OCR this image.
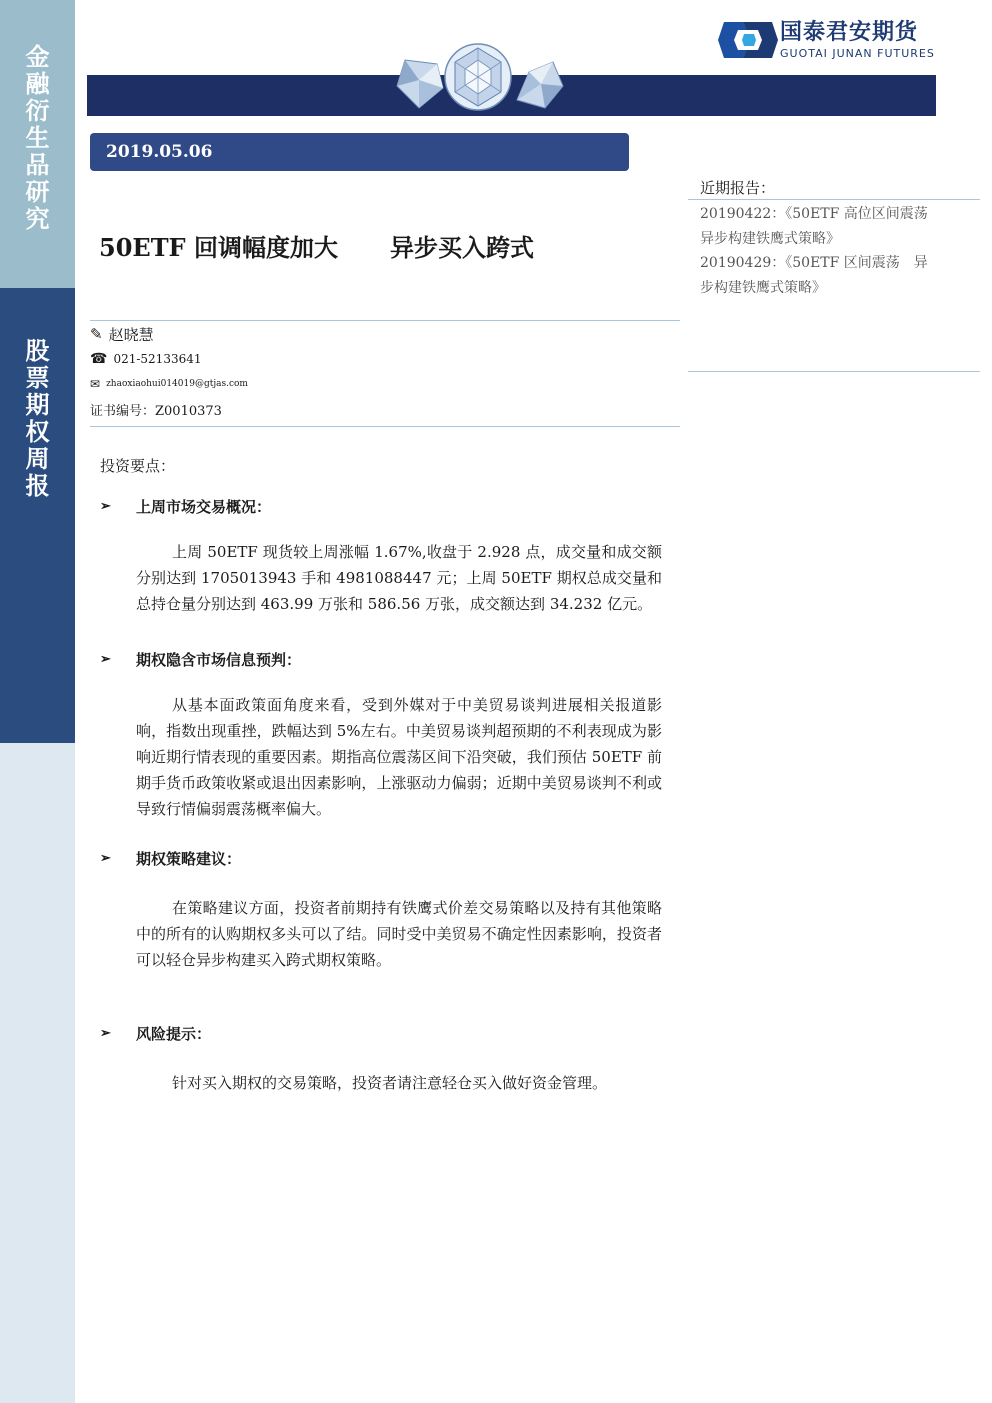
金
融
衍
生
品
研
究
股
票
期
权
周
报
国泰君安期货
GUOTAI JUNAN FUTURES
2019.05.06
50ETF 回调幅度加大 异步买入跨式
✎ 赵晓慧
☎ 021-52133641
✉ zhaoxiaohui014019@gtjas.com
证书编号：Z0010373
近期报告：
20190422：《50ETF 高位区间震荡　异步构建铁鹰式策略》
20190429：《50ETF 区间震荡　异步构建铁鹰式策略》
投资要点：
➢	上周市场交易概况：

上周 50ETF 现货较上周涨幅 1.67%,收盘于 2.928 点，成交量和成交额分别达到 1705013943 手和 4981088447 元；上周 50ETF 期权总成交量和总持仓量分别达到 463.99 万张和 586.56 万张，成交额达到 34.232 亿元。

➢	期权隐含市场信息预判：

从基本面政策面角度来看，受到外媒对于中美贸易谈判进展相关报道影响，指数出现重挫，跌幅达到 5%左右。中美贸易谈判超预期的不利表现成为影响近期行情表现的重要因素。期指高位震荡区间下沿突破，我们预估 50ETF 前期手货币政策收紧或退出因素影响，上涨驱动力偏弱；近期中美贸易谈判不利或导致行情偏弱震荡概率偏大。

➢	期权策略建议：

在策略建议方面，投资者前期持有铁鹰式价差交易策略以及持有其他策略中的所有的认购期权多头可以了结。同时受中美贸易不确定性因素影响，投资者可以轻仓异步构建买入跨式期权策略。

➢	风险提示：

针对买入期权的交易策略，投资者请注意轻仓买入做好资金管理。
